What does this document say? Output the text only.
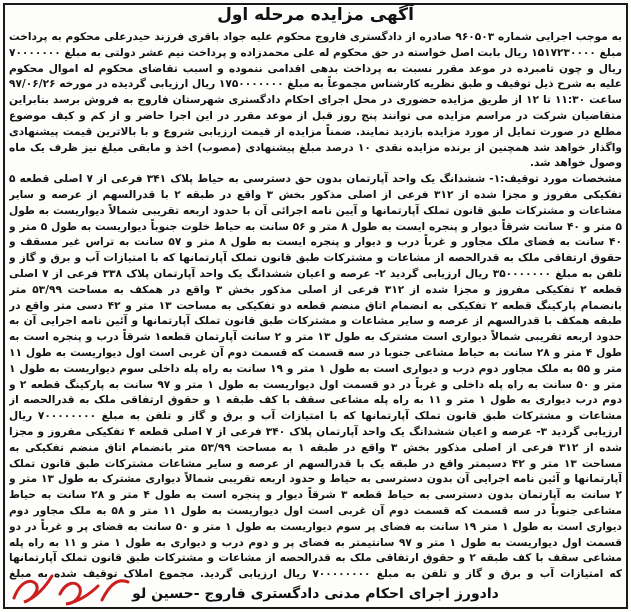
آگهی مزایده مرحله اول

به موجب اجرایی شماره ۹۶۰۵۰۳ صادره از دادگستری فاروج محکوم علیه جواد باقری فرزند حیدرعلی محکوم به پرداخت مبلغ ۱۵۱۷۲۳۰۰۰۰ ریال بابت اصل خواسته در حق محکوم له علی محمدزاده و پرداخت نیم عشر دولتی به مبلغ ۷۰۰۰۰۰۰۰ ریال و چون تامبرده در موعد مقرر نسبت به پرداخت بدهی اقدامی ننموده و اسبب تقاضای محکوم له اموال محکوم علیه به شرح ذیل توقیف و طبق نظریه کارشناس مجموعاً به مبلغ ۱۷۵۰۰۰۰۰۰۰ ریال ارزیابی گردیده در مورخه ۹۷/۰۶/۲۶ ساعت ۱۱:۳۰ تا ۱۲ از طریق مزایده حضوری در محل اجرای احکام دادگستری شهرستان فاروج به فروش برسد بنابراین متقاضیان شرکت در مراسم مزایده می توانند پنج روز قبل از موعد مقرر در این اجرا حاضر و از کم و کیف موضوع مطلع در صورت تمایل از مورد مزایده بازدید نمایند. ضمناً مزایده از قیمت ارزیابی شروع و با بالاترین قیمت پیشنهادی واگذار خواهد شد همچنین از برنده مزایده نقدی ۱۰ درصد مبلغ پیشنهادی (مصوب) اخذ و مابقی مبلغ نیز ظرف یک ماه وصول خواهد شد.

مشخصات مورد توقیف:۱- ششدانگ یک واحد آپارتمان بدون حق دسترسی به حیاط پلاک ۳۴۱ فرعی از ۷ اصلی قطعه ۵ تفکیکی مفروز و مجزا شده از ۳۱۲ فرعی از اصلی مذکور بخش ۳ واقع در طبقه ۲ با قدرالسهم از عرصه و سایر مشاعات و مشترکات طبق قانون تملک آپارتمانها و آیین نامه اجرائی آن با حدود اربعه تقریبی شمالاً دیواریست به طول ۵ متر و ۴۰ سانت شرقاً دیوار و پنجره ایست به طول ۸ متر و ۵۶ سانت به حیاط خلوت جنوباً دیواریست به طول ۵ متر و ۴۰ سانت به فضای ملک مجاور و غرباً درب و دیوار و پنجره ایست به طول ۸ متر و ۵۷ سانت به تراس غیر مسقف و حقوق ارتفاقی ملک به قدرالحصه از مشاعات و مشترکات طبق قانون تملک آپارتمانها که با امتیازات آب و برق و گاز و تلفن به مبلغ ۳۵۰۰۰۰۰۰۰ ریال ارزیابی گردید ۲- عرصه و اعیان ششدانگ یک واحد آپارتمان پلاک ۳۳۸ فرعی از ۷ اصلی قطعه ۲ تفکیکی مفروز و مجزا شده از ۳۱۲ فرعی از اصلی مذکور بخش ۳ واقع در همکف به مساحت ۵۳/۹۹ متر بانضمام پارکینگ قطعه ۲ تفکیکی به انضمام اتاق منضم قطعه دو تفکیکی به مساحت ۱۳ متر و ۴۲ دسی متر واقع در طبقه همکف با قدرالسهم از عرصه و سایر مشاعات و مشترکات طبق قانون تملک آپارتمانها و آئین نامه اجرایی آن به حدود اربعه تقریبی شمالاً دیواری است مشترک به طول ۱۳ متر و ۲ سانت آپارتمان قطعه۱ شرقاً درب و پنجره است به طول ۴ متر و ۲۸ سانت به حیاط مشاعی جنوبا در سه قسمت که قسمت دوم آن غربی است اول دیواریست به طول ۱۱ متر و ۵۵ به ملک مجاور دوم درب و دیواری است به طول ۱ متر و ۱۹ سانت به راه پله داخلی سوم دیواریست به طول ۱ متر و ۵۰ سانت به راه پله داخلی و غرباً در دو قسمت اول دیواریست به طول ۱ متر و ۹۷ سانت به پارکینگ قطعه ۲ و دوم درب دیواری به طول ۱ متر و ۱۱ به راه پله مشاعی سقف با کف طبقه ۱ و حقوق ارتفاقی ملک به قدرالحصه از مشاعات و مشترکات طبق قانون تملک آپارتمانها که با امتیازات آب و برق و گاز و تلفن به مبلغ ۷۰۰۰۰۰۰۰۰ ریال ارزیابی گردید ۳- عرصه و اعیان ششدانگ یک واحد آپارتمان پلاک ۳۴۰ فرعی از ۷ اصلی قطعه ۴ تفکیکی مفروز و مجزا شده از ۳۱۲ فرعی از اصلی مذکور بخش ۳ واقع در طبقه ۱ به مساحت ۵۳/۹۹ متر بانضمام اتاق منضم تفکیکی به مساحت ۱۳ متر و ۴۲ دسیمتر واقع در طبقه یک با قدرالسهم از عرصه و سایر مشاعات مشترکات طبق قانون تملک آپارتمانها و آئین نامه اجرایی آن بدون دسترسی به حیاط و حدود اربعه تقریبی شمالاً دیواری مشترک به طول ۱۳ متر و ۲ سانت به آپارتمان بدون دسترسی به حیاط قطعه ۳ شرقاً دیوار و پنجره است به طول ۴ متر و ۲۸ سانت به حیاط مشاعی جنوباً در سه قسمت که قسمت دوم آن غربی است اول دیواریست به طول ۱۱ متر و ۵۸ به ملک مجاور دوم دیواری است به طول ۱ متر ۱۹ سانت به فضای پر سوم دیواریست به طول ۱ متر و ۵۰ سانت به فضای پر و غرباً در دو قسمت اول دیواریست به طول ۱ متر و ۹۷ سانتیمتر به فضای پر و دوم درب و دیواری به طول ۱ متر و ۱۱ به راه پله مشاعی سقف با کف طبقه ۲ و حقوق ارتفاقی ملک به قدرالحصه از مشاعات و مشترکات طبق قانون تملک آپارتمانها که امتیازات آب و برق و گاز و تلفن به مبلغ ۷۰۰۰۰۰۰۰۰ ریال ارزیابی گردید. مجموع املاک توقیف شده به مبلغ

دادورز اجرای احکام مدنی دادگستری فاروج -حسین لو
